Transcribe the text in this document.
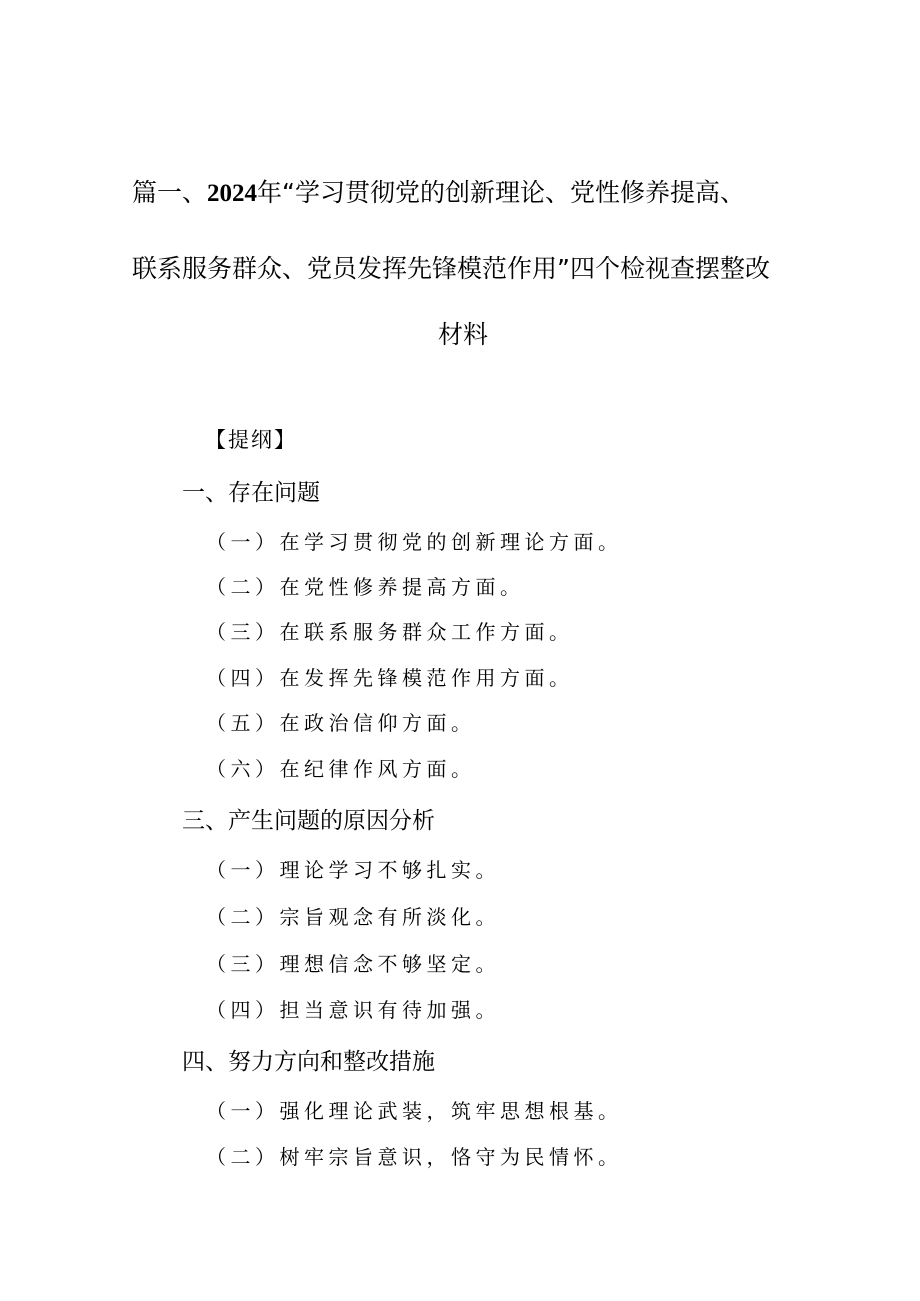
篇一、2024年“学习贯彻党的创新理论、党性修养提高、
联系服务群众、党员发挥先锋模范作用”四个检视查摆整改
材料
【提纲】
一、存在问题
（一）在学习贯彻党的创新理论方面。
（二）在党性修养提高方面。
（三）在联系服务群众工作方面。
（四）在发挥先锋模范作用方面。
（五）在政治信仰方面。
（六）在纪律作风方面。
三、产生问题的原因分析
（一）理论学习不够扎实。
（二）宗旨观念有所淡化。
（三）理想信念不够坚定。
（四）担当意识有待加强。
四、努力方向和整改措施
（一）强化理论武装，筑牢思想根基。
（二）树牢宗旨意识，恪守为民情怀。
